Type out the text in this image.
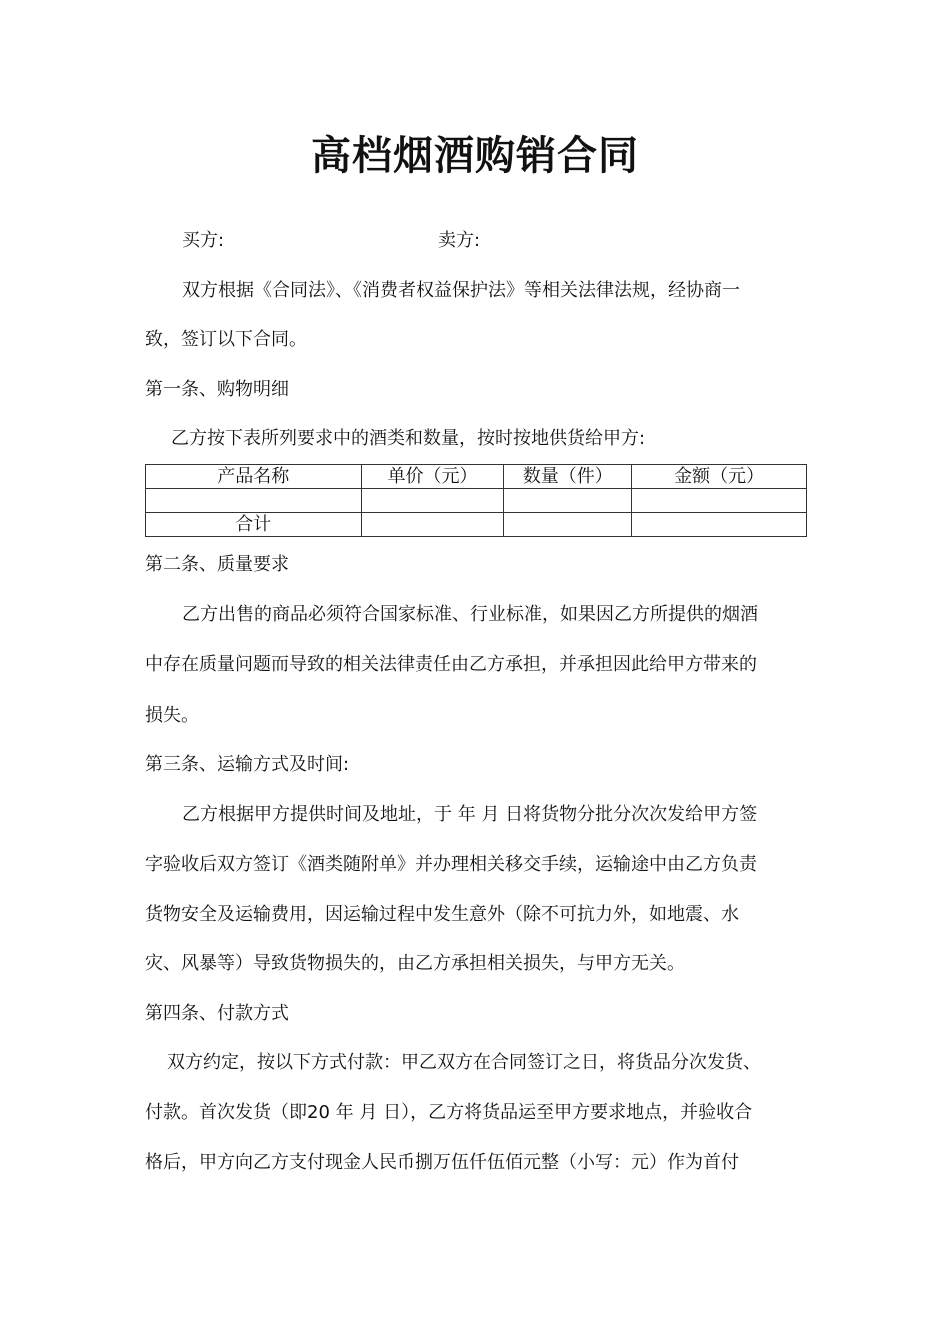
高档烟酒购销合同
买方:	卖方:
双方根据《合同法》、《消费者权益保护法》等相关法律法规，经协商一
致，签订以下合同。
第一条、购物明细
乙方按下表所列要求中的酒类和数量，按时按地供货给甲方:
产品名称	单价（元）	数量（件）	金额（元）

合计			
第二条、质量要求
乙方出售的商品必须符合国家标准、行业标准，如果因乙方所提供的烟酒
中存在质量问题而导致的相关法律责任由乙方承担，并承担因此给甲方带来的
损失。
第三条、运输方式及时间:
乙方根据甲方提供时间及地址，于 年 月 日将货物分批分次次发给甲方签
字验收后双方签订《酒类随附单》并办理相关移交手续，运输途中由乙方负责
货物安全及运输费用，因运输过程中发生意外（除不可抗力外，如地震、水
灾、风暴等）导致货物损失的，由乙方承担相关损失，与甲方无关。
第四条、付款方式
双方约定，按以下方式付款：甲乙双方在合同签订之日，将货品分次发货、
付款。首次发货（即20 年 月 日），乙方将货品运至甲方要求地点，并验收合
格后，甲方向乙方支付现金人民币捌万伍仟伍佰元整（小写：元）作为首付
